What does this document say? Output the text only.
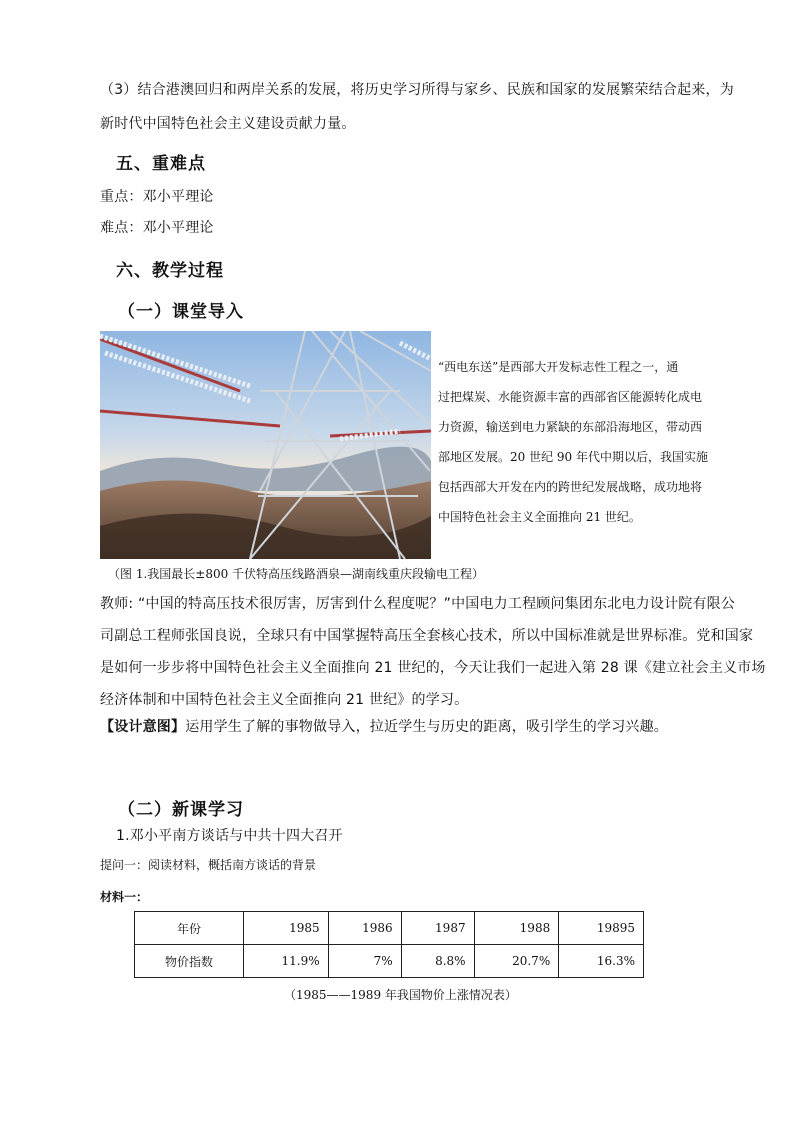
（3）结合港澳回归和两岸关系的发展，将历史学习所得与家乡、民族和国家的发展繁荣结合起来，为
新时代中国特色社会主义建设贡献力量。
五、重难点
重点：邓小平理论
难点：邓小平理论
六、教学过程
（一）课堂导入
“西电东送”是西部大开发标志性工程之一，通
过把煤炭、水能资源丰富的西部省区能源转化成电
力资源，输送到电力紧缺的东部沿海地区，带动西
部地区发展。20 世纪 90 年代中期以后，我国实施
包括西部大开发在内的跨世纪发展战略，成功地将
中国特色社会主义全面推向 21 世纪。
（图 1.我国最长±800 千伏特高压线路酒泉—湖南线重庆段输电工程）
教师: “中国的特高压技术很厉害，厉害到什么程度呢？”中国电力工程顾问集团东北电力设计院有限公
司副总工程师张国良说，全球只有中国掌握特高压全套核心技术，所以中国标准就是世界标准。党和国家
是如何一步步将中国特色社会主义全面推向 21 世纪的，今天让我们一起进入第 28 课《建立社会主义市场
经济体制和中国特色社会主义全面推向 21 世纪》的学习。
【设计意图】运用学生了解的事物做导入，拉近学生与历史的距离，吸引学生的学习兴趣。
（二）新课学习
1.邓小平南方谈话与中共十四大召开
提问一：阅读材料，概括南方谈话的背景
材料一：
年份	1985	1986	1987	1988	19895
物价指数	11.9%	7%	8.8%	20.7%	16.3%
（1985——1989 年我国物价上涨情况表）
